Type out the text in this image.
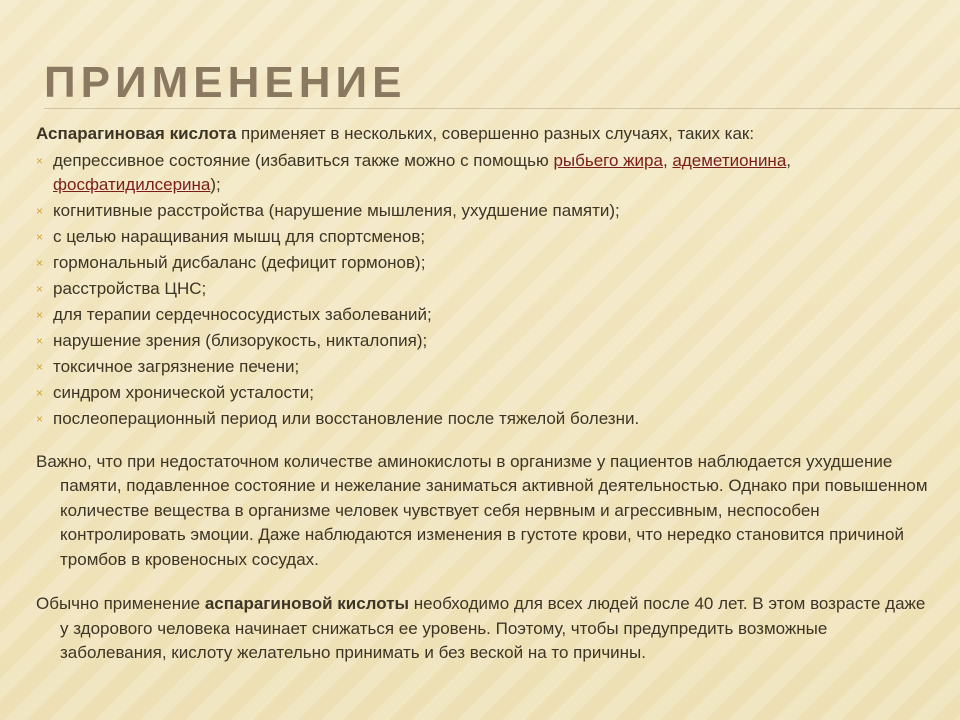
ПРИМЕНЕНИЕ

Аспарагиновая кислота применяет в нескольких, совершенно разных случаях, таких как:

× депрессивное состояние (избавиться также можно с помощью рыбьего жира, адеметионина,
фосфатидилсерина);
× когнитивные расстройства (нарушение мышления, ухудшение памяти);
× с целью наращивания мышц для спортсменов;
× гормональный дисбаланс (дефицит гормонов);
× расстройства ЦНС;
× для терапии сердечнососудистых заболеваний;
× нарушение зрения (близорукость, никталопия);
× токсичное загрязнение печени;
× синдром хронической усталости;
× послеоперационный период или восстановление после тяжелой болезни.

Важно, что при недостаточном количестве аминокислоты в организме у пациентов наблюдается ухудшение памяти, подавленное состояние и нежелание заниматься активной деятельностью. Однако при повышенном количестве вещества в организме человек чувствует себя нервным и агрессивным, неспособен контролировать эмоции. Даже наблюдаются изменения в густоте крови, что нередко становится причиной тромбов в кровеносных сосудах.

Обычно применение аспарагиновой кислоты необходимо для всех людей после 40 лет. В этом возрасте даже у здорового человека начинает снижаться ее уровень. Поэтому, чтобы предупредить возможные заболевания, кислоту желательно принимать и без веской на то причины.
